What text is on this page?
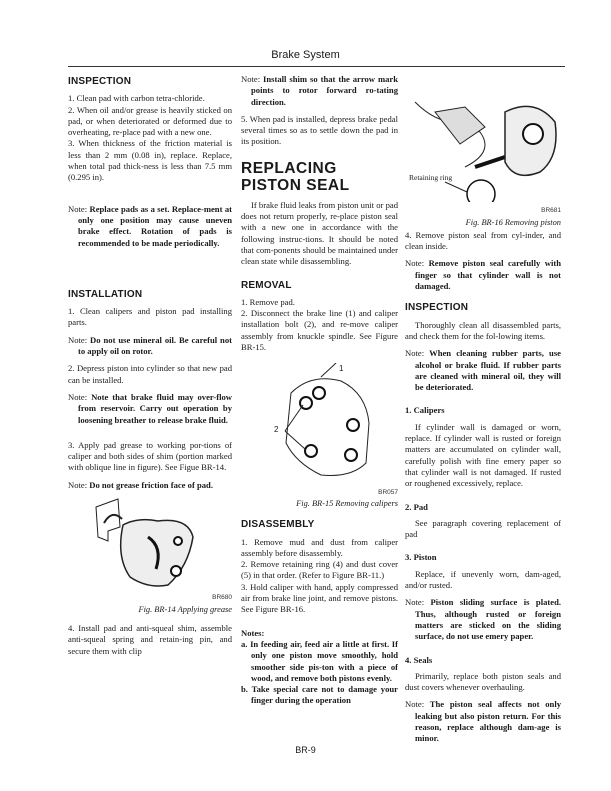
Brake System
INSPECTION

1. Clean pad with carbon tetra-chloride.

2. When oil and/or grease is heavily sticked on pad, or when deteriorated or deformed due to overheating, re-place pad with a new one.

3. When thickness of the friction material is less than 2 mm (0.08 in), replace. Replace, when total pad thick-ness is less than 7.5 mm (0.295 in).

Note: Replace pads as a set. Replace-ment at only one position may cause uneven brake effect. Rotation of pads is recommended to be made periodically.

INSTALLATION

1. Clean calipers and piston pad installing parts.

Note: Do not use mineral oil. Be careful not to apply oil on rotor.

2. Depress piston into cylinder so that new pad can be installed.

Note: Note that brake fluid may over-flow from reservoir. Carry out operation by loosening breather to release brake fluid.

3. Apply pad grease to working por-tions of caliper and both sides of shim (portion marked with oblique line in figure). See Figue BR-14.

Note: Do not grease friction face of pad.

BR680
Fig. BR-14 Applying grease

4. Install pad and anti-squeal shim, assemble anti-squeal spring and retain-ing pin, and secure them with clip

Note: Install shim so that the arrow mark points to rotor forward ro-tating direction.

5. When pad is installed, depress brake pedal several times so as to settle down the pad in its position.

REPLACING PISTON SEAL

If brake fluid leaks from piston unit or pad does not return properly, re-place piston seal with a new one in accordance with the following instruc-tions. It should be noted that com-ponents should be maintained under clean state while disassembling.

REMOVAL

1. Remove pad.

2. Disconnect the brake line (1) and caliper installation bolt (2), and re-move caliper assembly from knuckle spindle. See Figure BR-15.

2
1
BR057
Fig. BR-15 Removing calipers
DISASSEMBLY

1. Remove mud and dust from caliper assembly before disassembly.

2. Remove retaining ring (4) and dust cover (5) in that order. (Refer to Figure BR-11.)

3. Hold caliper with hand, apply compressed air from brake line joint, and remove pistons. See Figure BR-16.

Notes:

a. In feeding air, feed air a little at first. If only one piston move smoothly, hold smoother side pis-ton with a piece of wood, and remove both pistons evenly.

b. Take special care not to damage your finger during the operation

Retaining ring
BR681
Fig. BR-16 Removing piston

4. Remove piston seal from cyl-inder, and clean inside.

Note: Remove piston seal carefully with finger so that cylinder wall is not damaged.

INSPECTION

Thoroughly clean all disassembled parts, and check them for the fol-lowing items.

Note: When cleaning rubber parts, use alcohol or brake fluid. If rubber parts are cleaned with mineral oil, they will be deteriorated.

1. Calipers

If cylinder wall is damaged or worn, replace. If cylinder wall is rusted or foreign matters are accumulated on cylinder wall, carefully polish with fine emery paper so that cylinder wall is not damaged. If rusted or roughened excessively, replace.

2. Pad

See paragraph covering replacement of pad

3. Piston

Replace, if unevenly worn, dam-aged, and/or rusted.

Note: Piston sliding surface is plated. Thus, although rusted or foreign matters are sticked on the sliding surface, do not use emery paper.

4. Seals

Primarily, replace both piston seals and dust covers whenever overhauling.

Note: The piston seal affects not only leaking but also piston return. For this reason, replace although dam-age is minor.

BR-9
